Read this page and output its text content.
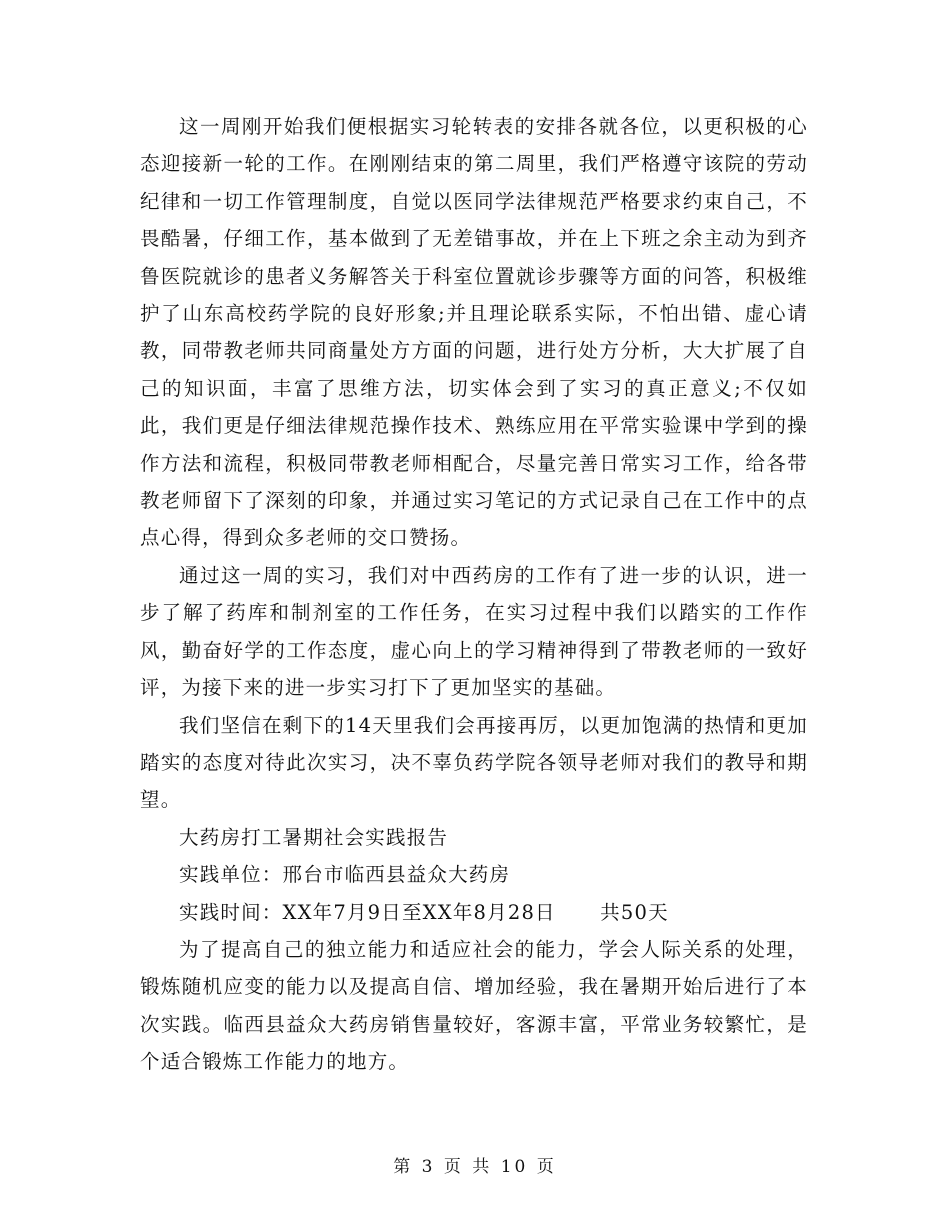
这一周刚开始我们便根据实习轮转表的安排各就各位，以更积极的心态迎接新一轮的工作。在刚刚结束的第二周里，我们严格遵守该院的劳动纪律和一切工作管理制度，自觉以医同学法律规范严格要求约束自己，不畏酷暑，仔细工作，基本做到了无差错事故，并在上下班之余主动为到齐鲁医院就诊的患者义务解答关于科室位置就诊步骤等方面的问答，积极维护了山东高校药学院的良好形象;并且理论联系实际，不怕出错、虚心请教，同带教老师共同商量处方方面的问题，进行处方分析，大大扩展了自己的知识面，丰富了思维方法，切实体会到了实习的真正意义;不仅如此，我们更是仔细法律规范操作技术、熟练应用在平常实验课中学到的操作方法和流程，积极同带教老师相配合，尽量完善日常实习工作，给各带教老师留下了深刻的印象，并通过实习笔记的方式记录自己在工作中的点点心得，得到众多老师的交口赞扬。

通过这一周的实习，我们对中西药房的工作有了进一步的认识，进一步了解了药库和制剂室的工作任务，在实习过程中我们以踏实的工作作风，勤奋好学的工作态度，虚心向上的学习精神得到了带教老师的一致好评，为接下来的进一步实习打下了更加坚实的基础。

我们坚信在剩下的14天里我们会再接再厉，以更加饱满的热情和更加踏实的态度对待此次实习，决不辜负药学院各领导老师对我们的教导和期望。

大药房打工暑期社会实践报告

实践单位：邢台市临西县益众大药房

实践时间：XX年7月9日至XX年8月28日      共50天

为了提高自己的独立能力和适应社会的能力，学会人际关系的处理，锻炼随机应变的能力以及提高自信、增加经验，我在暑期开始后进行了本次实践。临西县益众大药房销售量较好，客源丰富，平常业务较繁忙，是个适合锻炼工作能力的地方。

第 3 页 共 10 页
